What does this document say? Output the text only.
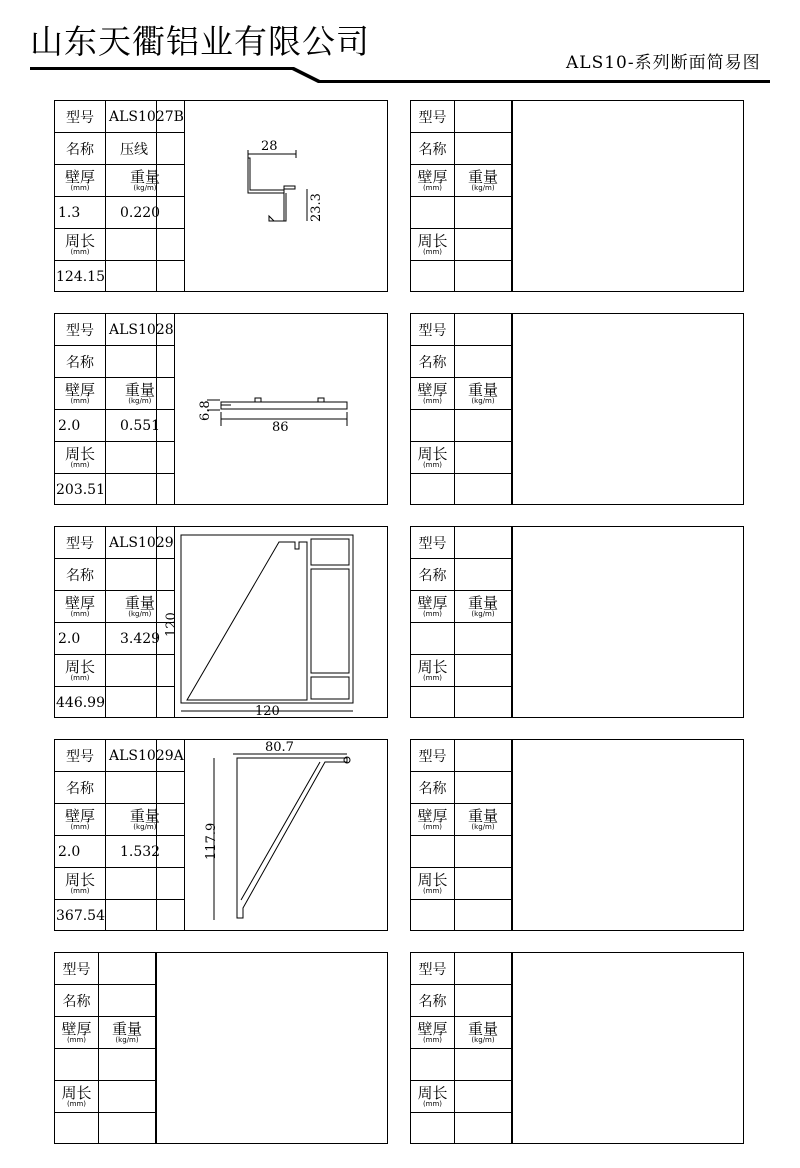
山东天衢铝业有限公司
ALS10-系列断面简易图
型号	ALS1027B
名称	压线

壁厚
(mm)	重量
(kg/m)

1.3	0.220

周长
(mm)	

124.15	
28
23.3
型号	
名称	

壁厚
(mm)	重量
(kg/m)

周长
(mm)	

型号	ALS1028
名称	

壁厚
(mm)	重量
(kg/m)

2.0	0.551

周长
(mm)	

203.51	
86
6.8
型号	
名称	

壁厚
(mm)	重量
(kg/m)

周长
(mm)	

型号	ALS1029
名称	

壁厚
(mm)	重量
(kg/m)

2.0	3.429

周长
(mm)	

446.99	
120
120
型号	
名称	

壁厚
(mm)	重量
(kg/m)

周长
(mm)	

型号	ALS1029A
名称	

壁厚
(mm)	重量
(kg/m)

2.0	1.532

周长
(mm)	

367.54	
80.7
117.9
型号	
名称	

壁厚
(mm)	重量
(kg/m)

周长
(mm)	

型号	
名称	

壁厚
(mm)	重量
(kg/m)

周长
(mm)	

型号	
名称	

壁厚
(mm)	重量
(kg/m)

周长
(mm)	
